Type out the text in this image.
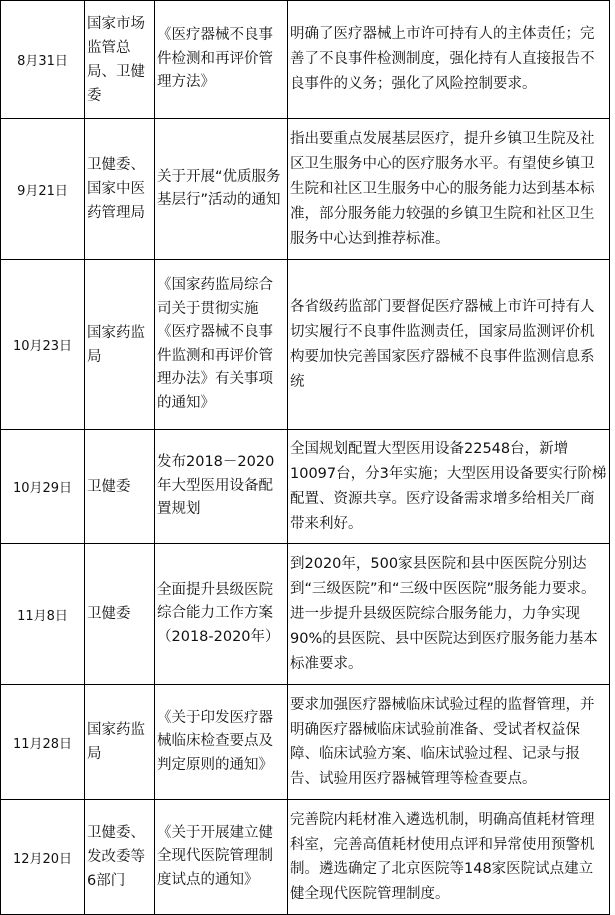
8月31日	国家市场监管总局、卫健委	《医疗器械不良事件检测和再评价管理方法》	明确了医疗器械上市许可持有人的主体责任；完善了不良事件检测制度，强化持有人直接报告不良事件的义务；强化了风险控制要求。
9月21日	卫健委、国家中医药管理局	关于开展“优质服务基层行”活动的通知	指出要重点发展基层医疗，提升乡镇卫生院及社区卫生服务中心的医疗服务水平。有望使乡镇卫生院和社区卫生服务中心的服务能力达到基本标准，部分服务能力较强的乡镇卫生院和社区卫生服务中心达到推荐标准。
10月23日	国家药监局	《国家药监局综合司关于贯彻实施《医疗器械不良事件监测和再评价管理办法》有关事项的通知》	各省级药监部门要督促医疗器械上市许可持有人切实履行不良事件监测责任，国家局监测评价机构要加快完善国家医疗器械不良事件监测信息系统
10月29日	卫健委	发布2018－2020年大型医用设备配置规划	全国规划配置大型医用设备22548台，新增10097台，分3年实施；大型医用设备要实行阶梯配置、资源共享。医疗设备需求增多给相关厂商带来利好。
11月8日	卫健委	全面提升县级医院综合能力工作方案（2018-2020年）	到2020年，500家县医院和县中医医院分别达到“三级医院”和“三级中医医院”服务能力要求。进一步提升县级医院综合服务能力，力争实现90%的县医院、县中医院达到医疗服务能力基本标准要求。
11月28日	国家药监局	《关于印发医疗器械临床检查要点及判定原则的通知》	要求加强医疗器械临床试验过程的监督管理，并明确医疗器械临床试验前准备、受试者权益保障、临床试验方案、临床试验过程、记录与报告、试验用医疗器械管理等检查要点。
12月20日	卫健委、发改委等6部门	《关于开展建立健全现代医院管理制度试点的通知》	完善院内耗材准入遴选机制，明确高值耗材管理科室，完善高值耗材使用点评和异常使用预警机制。遴选确定了北京医院等148家医院试点建立健全现代医院管理制度。
